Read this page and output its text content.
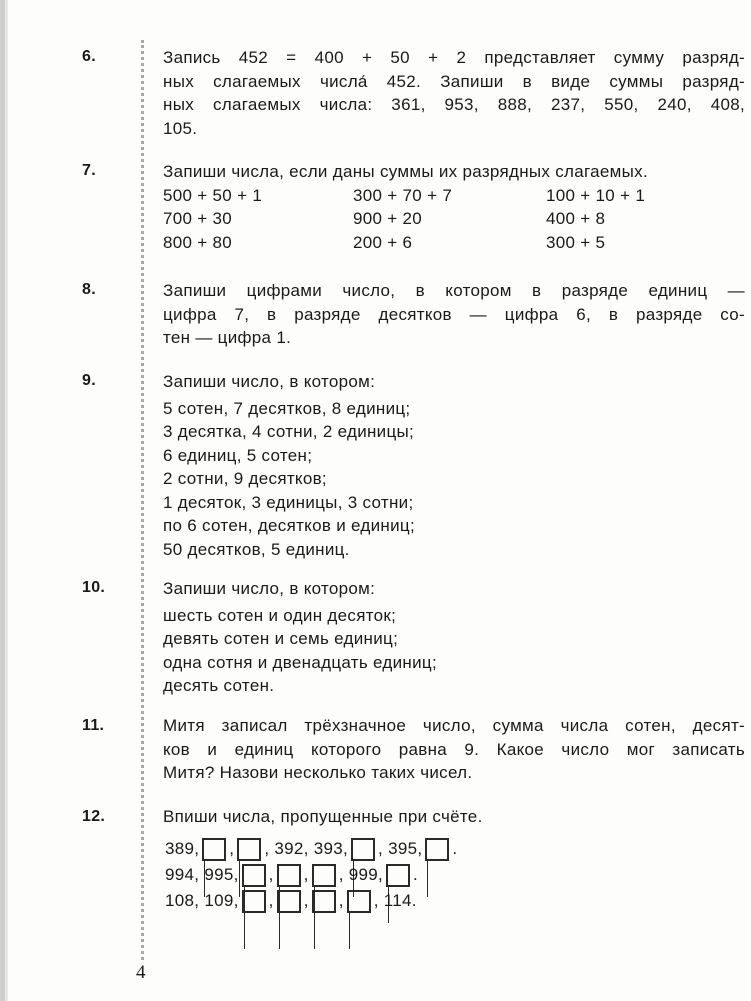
6.	Запись 452 = 400 + 50 + 2 представляет сумму разряд-
ных слагаемых числа́ 452. Запиши в виде суммы разряд-
ных слагаемых числа: 361, 953, 888, 237, 550, 240, 408,
105.
7.	Запиши числа, если даны суммы их разрядных слагаемых.
500 + 50 + 1	300 + 70 + 7	100 + 10 + 1
700 + 30	900 + 20	400 + 8
800 + 80	200 + 6	300 + 5
8.	Запиши цифрами число, в котором в разряде единиц —
цифра 7, в разряде десятков — цифра 6, в разряде со-
тен — цифра 1.
9.	Запиши число, в котором:
5 сотен, 7 десятков, 8 единиц;
3 десятка, 4 сотни, 2 единицы;
6 единиц, 5 сотен;
2 сотни, 9 десятков;
1 десяток, 3 единицы, 3 сотни;
по 6 сотен, десятков и единиц;
50 десятков, 5 единиц.
10.	Запиши число, в котором:
шесть сотен и один десяток;
девять сотен и семь единиц;
одна сотня и двенадцать единиц;
десять сотен.
11.	Митя записал трёхзначное число, сумма числа сотен, десят-
ков и единиц которого равна 9. Какое число мог записать
Митя? Назови несколько таких чисел.
12.	Впиши числа, пропущенные при счёте.
389, , ,
392,
393, ,
395, .
994,
995, , , ,
999, .
108,
109, , , , ,
114.
4
